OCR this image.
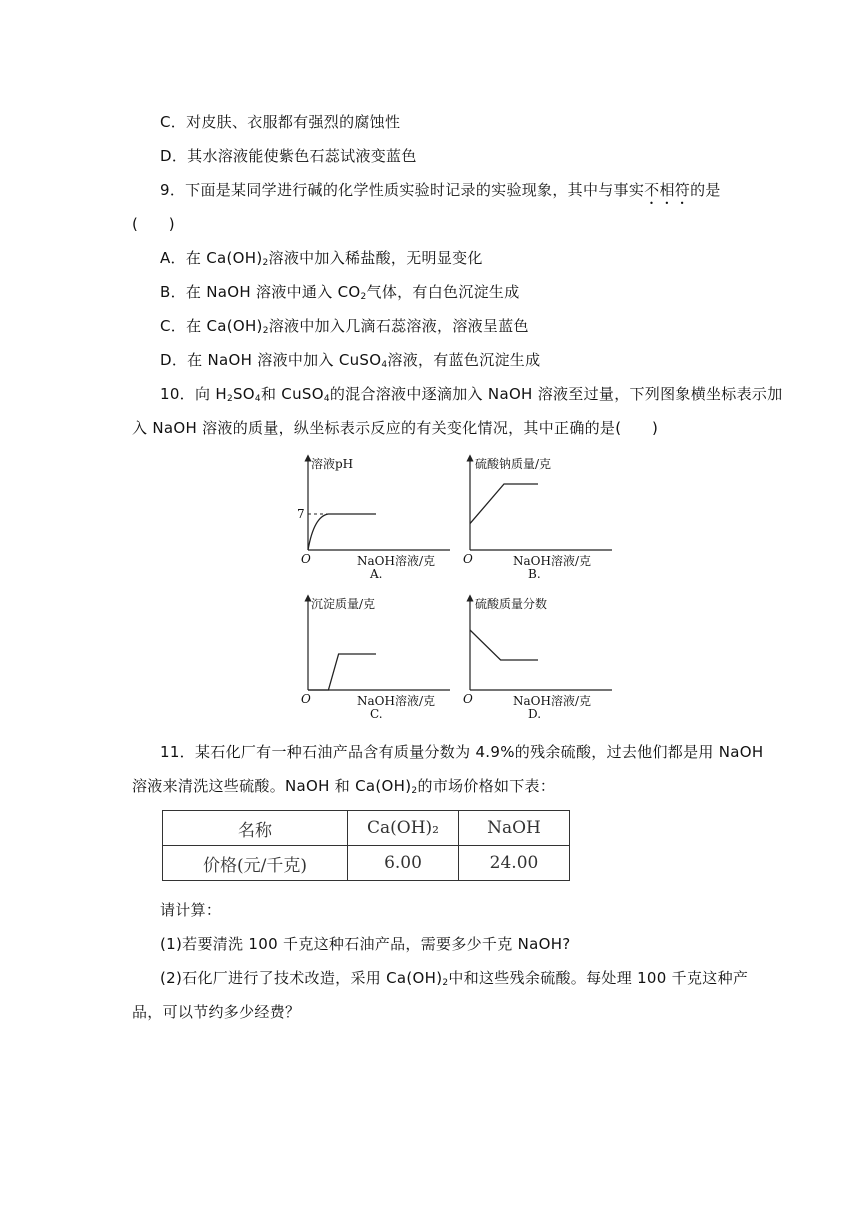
C．对皮肤、衣服都有强烈的腐蚀性
D．其水溶液能使紫色石蕊试液变蓝色
9．下面是某同学进行碱的化学性质实验时记录的实验现象，其中与事实不相符的是
(　　)
A．在 $Ca(OH)_2$溶液中加入稀盐酸，无明显变化
B．在 NaOH 溶液中通入 $CO_2$气体，有白色沉淀生成
C．在 $Ca(OH)_2$溶液中加入几滴石蕊溶液，溶液呈蓝色
D．在 NaOH 溶液中加入 CuSO$_4$溶液，有蓝色沉淀生成
10．向 $H_2SO_4$和 CuSO$_4$的混合溶液中逐滴加入 NaOH 溶液至过量，下列图象横坐标表示加
入 NaOH 溶液的质量，纵坐标表示反应的有关变化情况，其中正确的是(　　)
溶液pH
7
O	NaOH溶液/克
A.
硫酸钠质量/克
O	NaOH溶液/克
B.
沉淀质量/克
O	NaOH溶液/克
C.
硫酸质量分数
O	NaOH溶液/克
D.
11．某石化厂有一种石油产品含有质量分数为 4.9%的残余硫酸，过去他们都是用 NaOH
溶液来清洗这些硫酸。NaOH 和 $Ca(OH)_2$的市场价格如下表：
名称	Ca(OH)₂	NaOH
价格(元/千克)	6.00	24.00
请计算：
(1)若要清洗 100 千克这种石油产品，需要多少千克 NaOH?
(2)石化厂进行了技术改造，采用 $Ca(OH)_2$中和这些残余硫酸。每处理 100 千克这种产
品，可以节约多少经费？
